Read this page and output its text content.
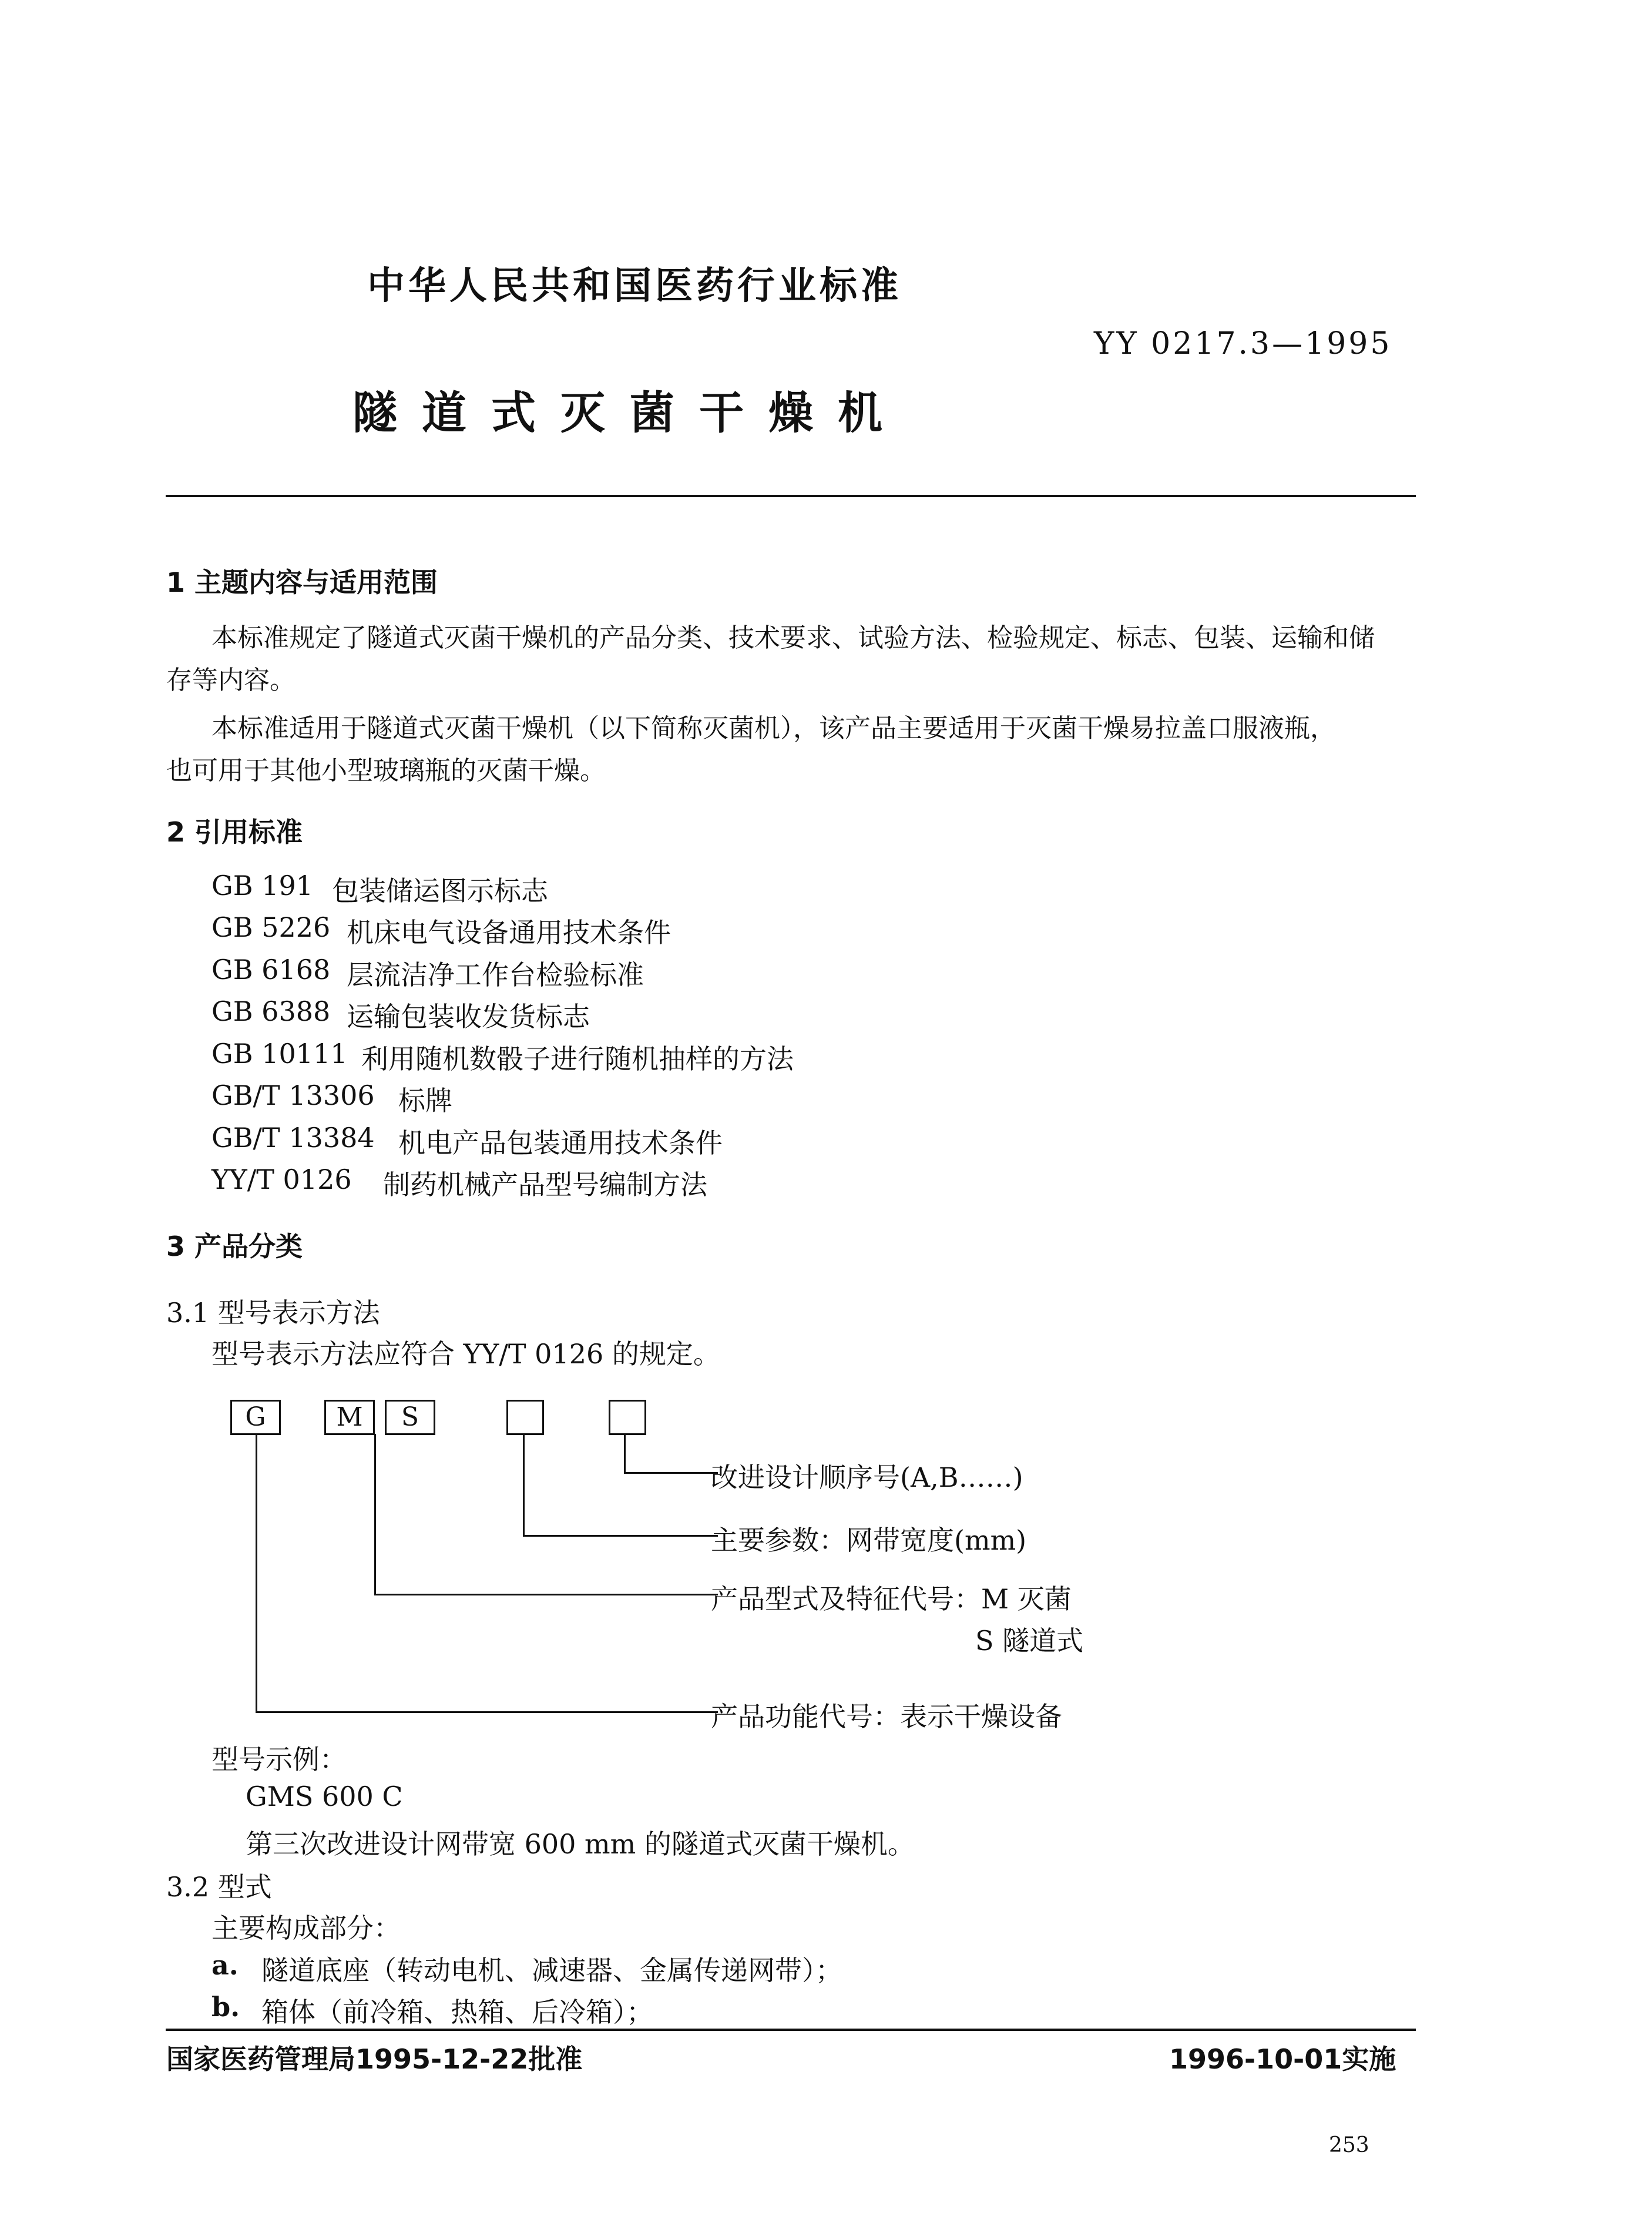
中华人民共和国医药行业标准
YY 0217.3—1995
隧道式灭菌干燥机
1 主题内容与适用范围
本标准规定了隧道式灭菌干燥机的产品分类、技术要求、试验方法、检验规定、标志、包装、运输和储
存等内容。
本标准适用于隧道式灭菌干燥机（以下简称灭菌机），该产品主要适用于灭菌干燥易拉盖口服液瓶，
也可用于其他小型玻璃瓶的灭菌干燥。
2 引用标准
GB 191 包装储运图示标志
GB 5226 机床电气设备通用技术条件
GB 6168 层流洁净工作台检验标准
GB 6388 运输包装收发货标志
GB 10111 利用随机数骰子进行随机抽样的方法
GB/T 13306 标牌
GB/T 13384 机电产品包装通用技术条件
YY/T 0126 制药机械产品型号编制方法
3 产品分类
3.1 型号表示方法
型号表示方法应符合 YY/T 0126 的规定。
G	M	S
改进设计顺序号(A,B……)
主要参数：网带宽度(mm)
产品型式及特征代号：M 灭菌
S 隧道式
产品功能代号：表示干燥设备
型号示例：
GMS 600 C
第三次改进设计网带宽 600 mm 的隧道式灭菌干燥机。
3.2 型式
主要构成部分：
a. 隧道底座（转动电机、减速器、金属传递网带）；
b. 箱体（前冷箱、热箱、后冷箱）；
国家医药管理局1995-12-22批准	1996-10-01实施
253
